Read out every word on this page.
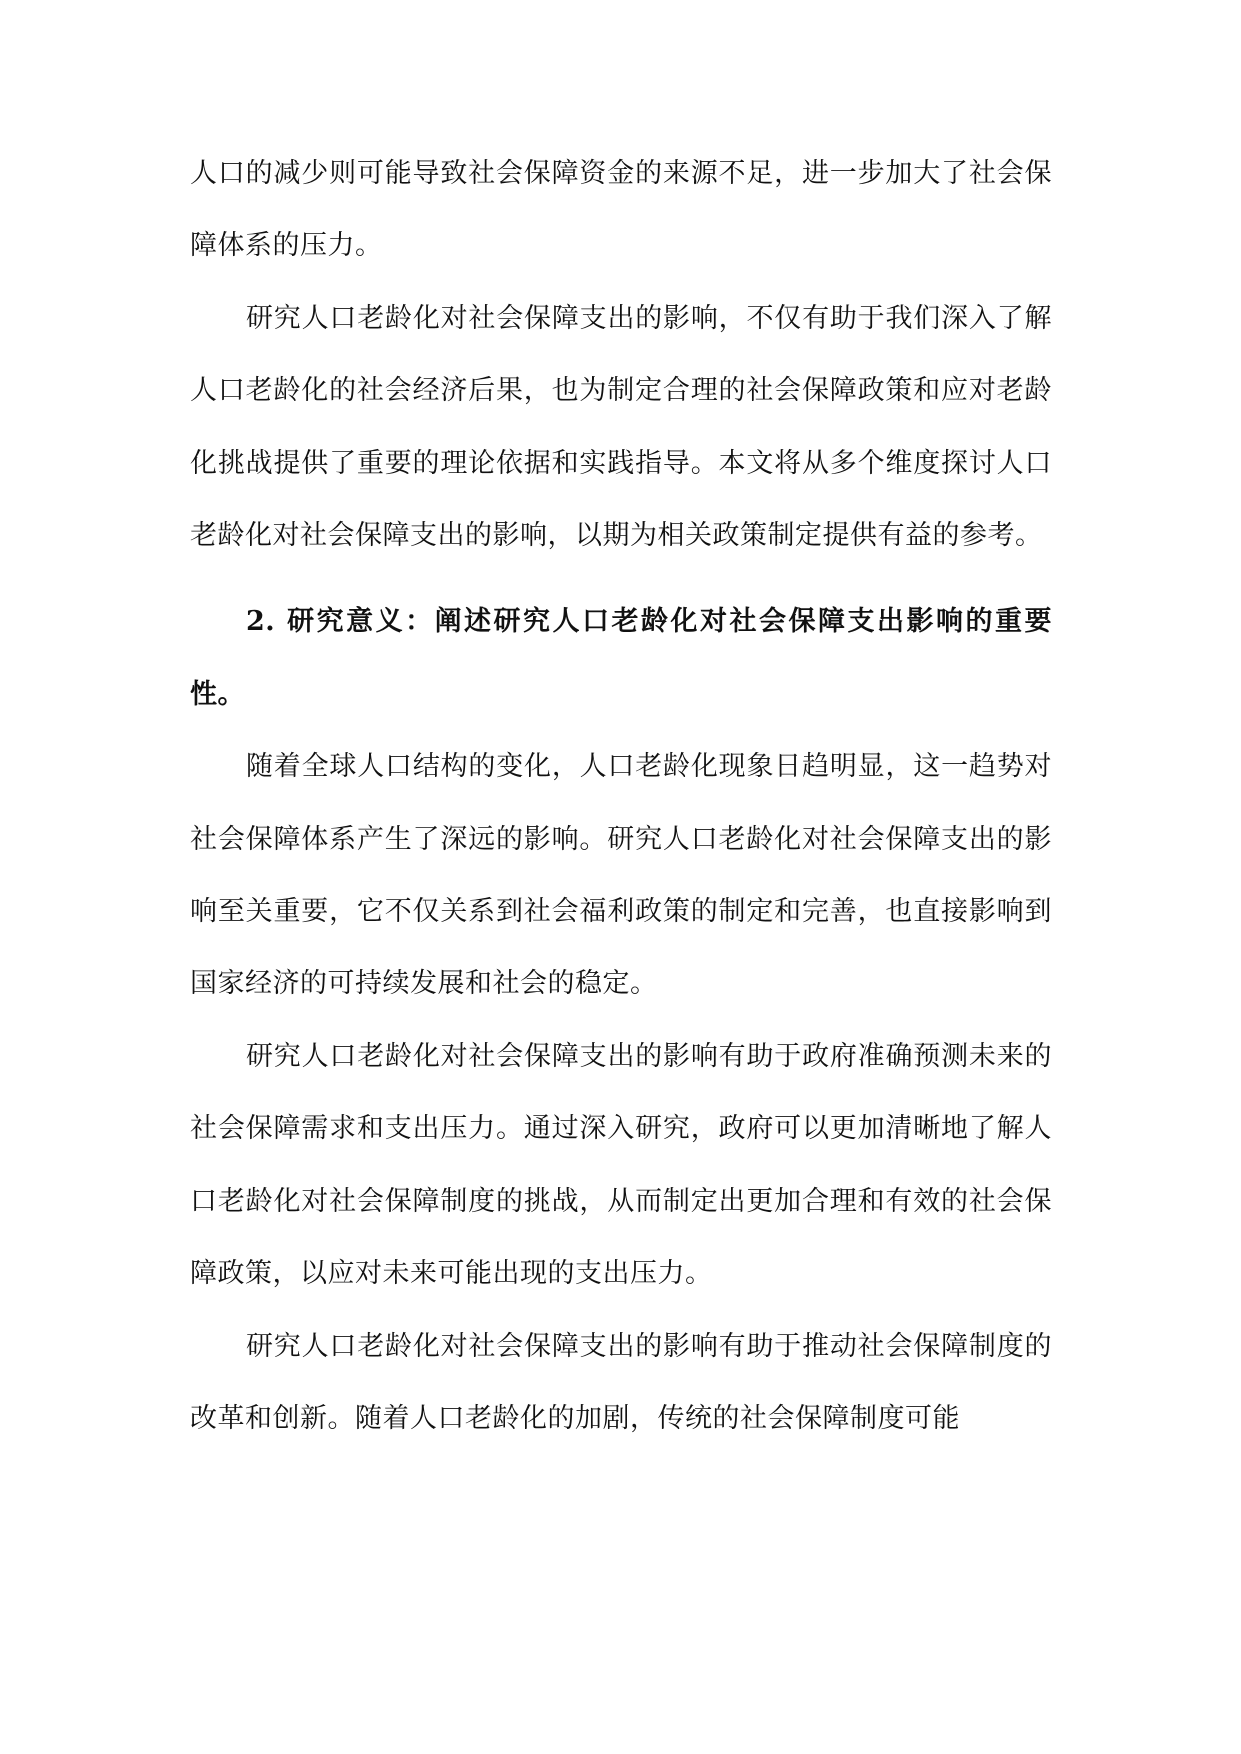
人口的减少则可能导致社会保障资金的来源不足，进一步加大了社会保障体系的压力。

研究人口老龄化对社会保障支出的影响，不仅有助于我们深入了解人口老龄化的社会经济后果，也为制定合理的社会保障政策和应对老龄化挑战提供了重要的理论依据和实践指导。本文将从多个维度探讨人口老龄化对社会保障支出的影响，以期为相关政策制定提供有益的参考。

2. 研究意义：阐述研究人口老龄化对社会保障支出影响的重要性。

随着全球人口结构的变化，人口老龄化现象日趋明显，这一趋势对社会保障体系产生了深远的影响。研究人口老龄化对社会保障支出的影响至关重要，它不仅关系到社会福利政策的制定和完善，也直接影响到国家经济的可持续发展和社会的稳定。

研究人口老龄化对社会保障支出的影响有助于政府准确预测未来的社会保障需求和支出压力。通过深入研究，政府可以更加清晰地了解人口老龄化对社会保障制度的挑战，从而制定出更加合理和有效的社会保障政策，以应对未来可能出现的支出压力。

研究人口老龄化对社会保障支出的影响有助于推动社会保障制度的改革和创新。随着人口老龄化的加剧，传统的社会保障制度可能
